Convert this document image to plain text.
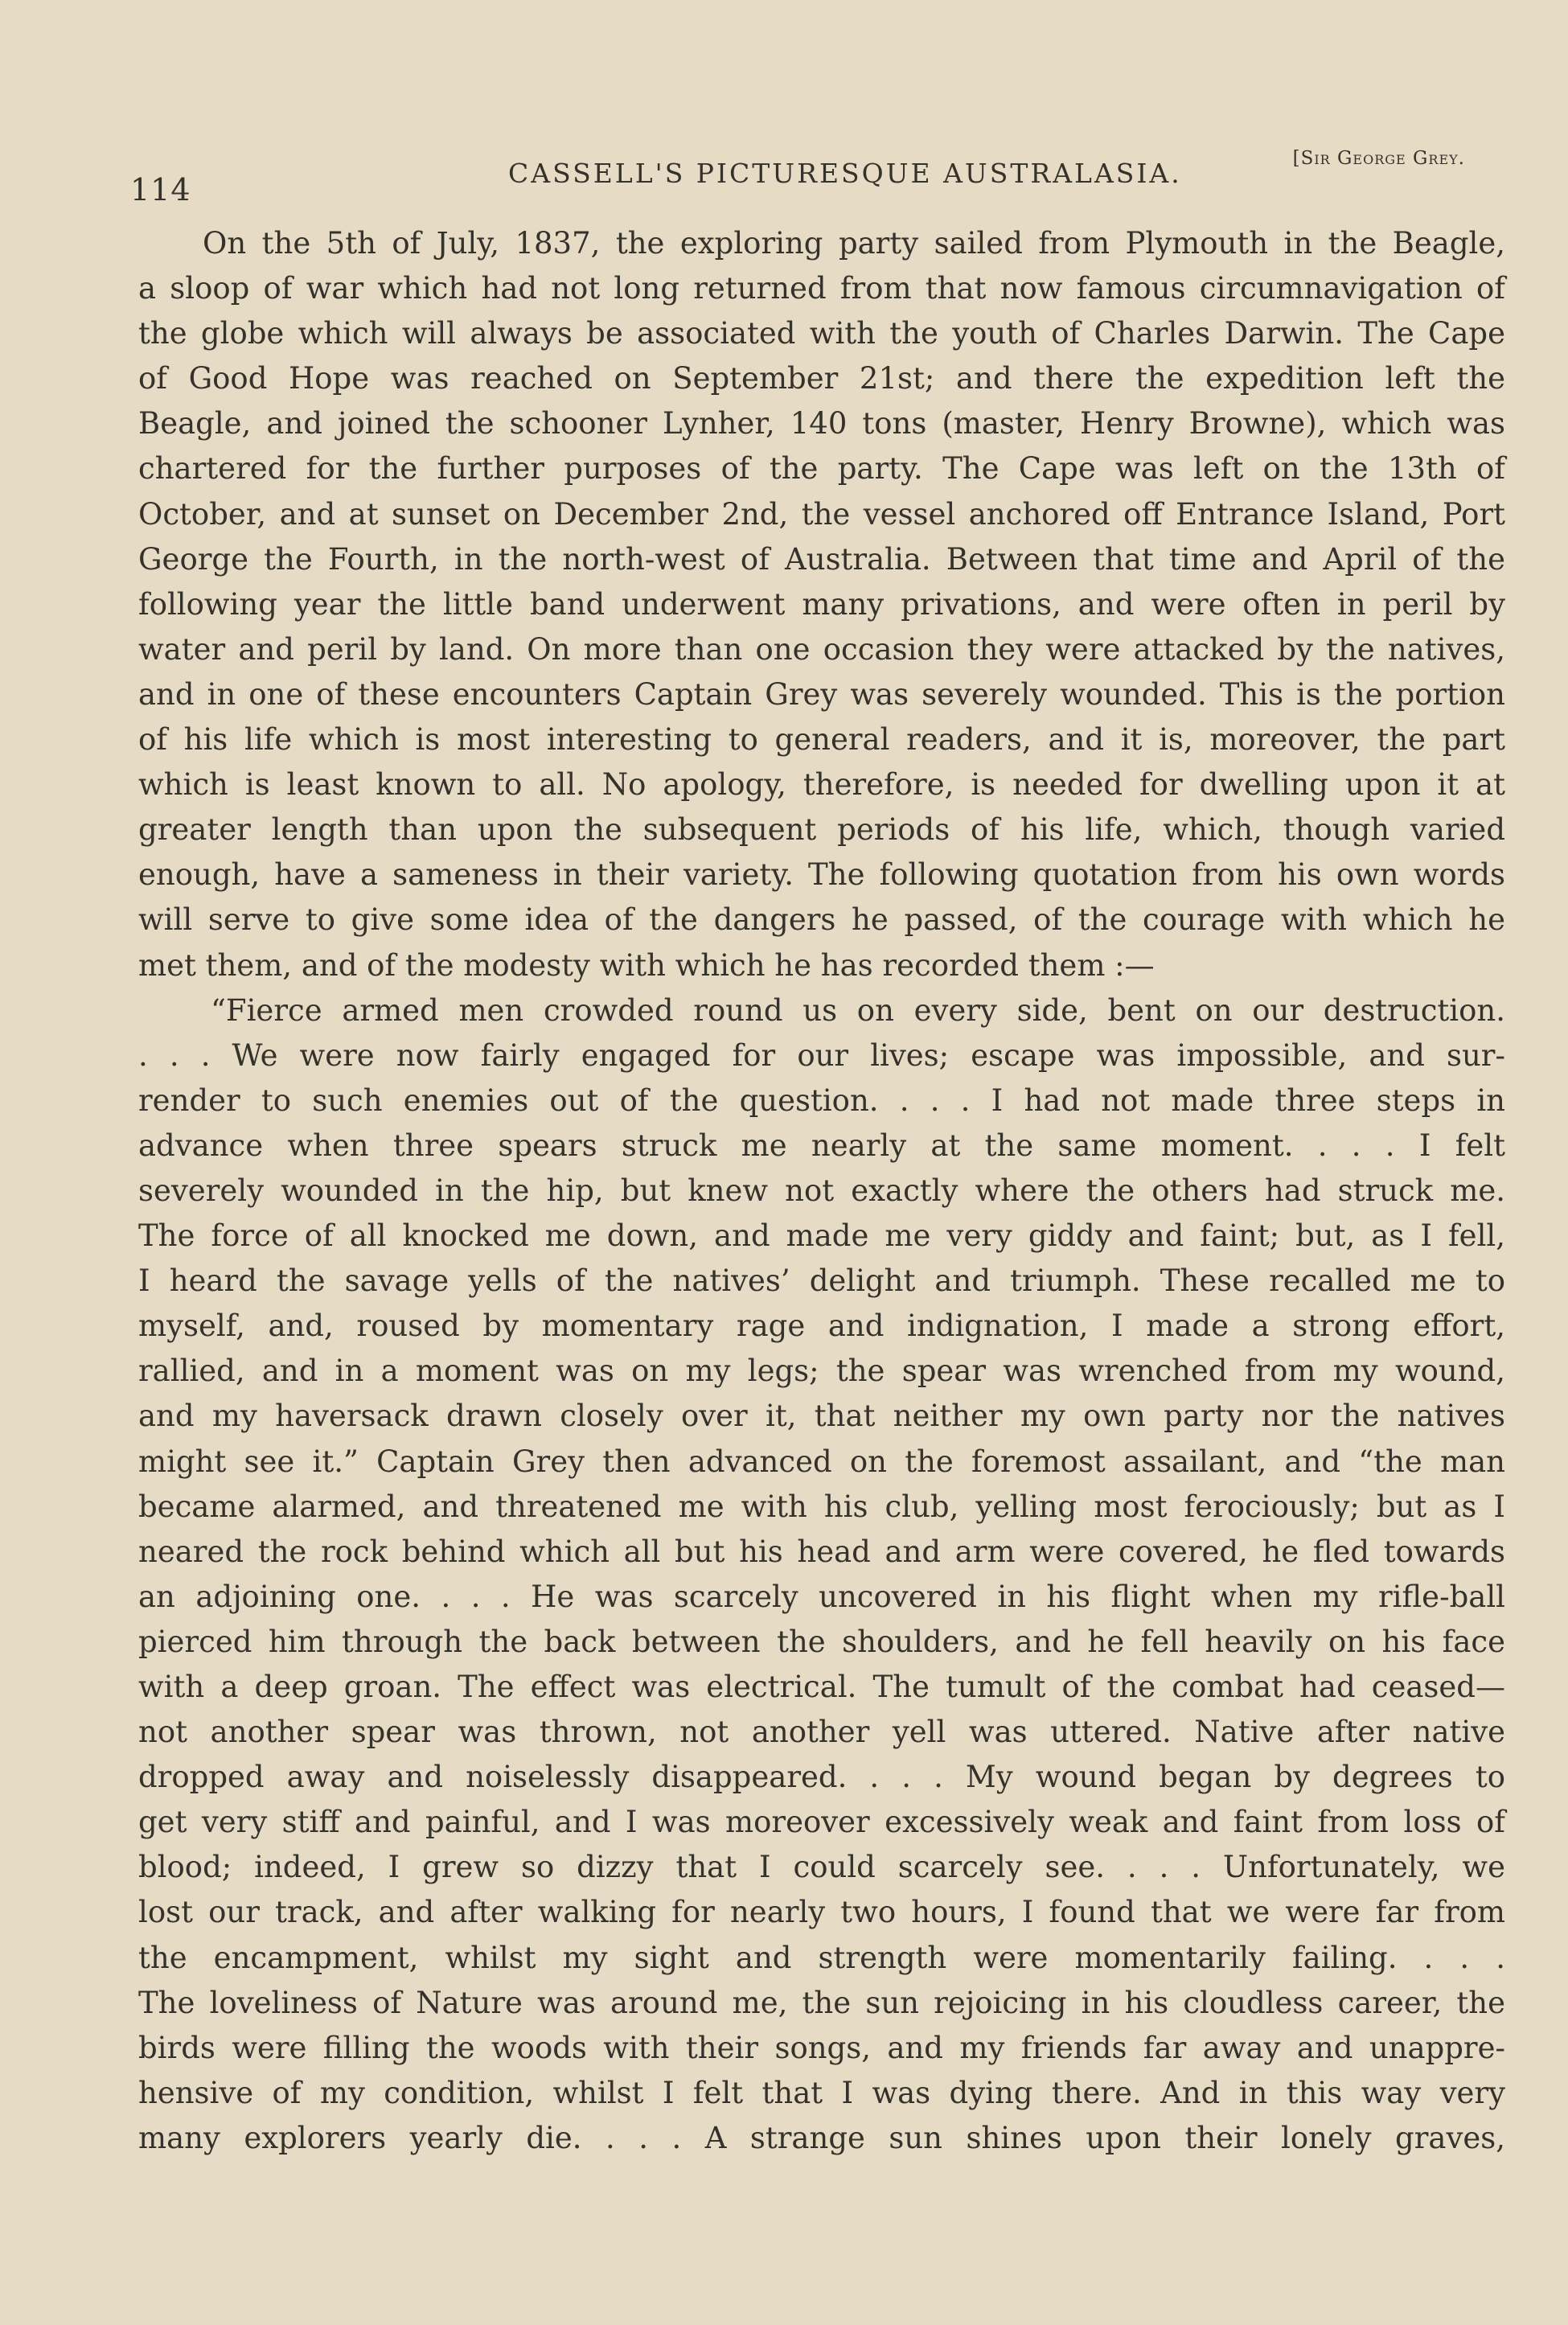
114	CASSELL'S PICTURESQUE AUSTRALASIA.	[Sir George Grey.
On the 5th of July, 1837, the exploring party sailed from Plymouth in the Beagle,
a sloop of war which had not long returned from that now famous circumnavigation of
the globe which will always be associated with the youth of Charles Darwin. The Cape
of Good Hope was reached on September 21st; and there the expedition left the
Beagle, and joined the schooner Lynher, 140 tons (master, Henry Browne), which was
chartered for the further purposes of the party. The Cape was left on the 13th of
October, and at sunset on December 2nd, the vessel anchored off Entrance Island, Port
George the Fourth, in the north-west of Australia. Between that time and April of the
following year the little band underwent many privations, and were often in peril by
water and peril by land. On more than one occasion they were attacked by the natives,
and in one of these encounters Captain Grey was severely wounded. This is the portion
of his life which is most interesting to general readers, and it is, moreover, the part
which is least known to all. No apology, therefore, is needed for dwelling upon it at
greater length than upon the subsequent periods of his life, which, though varied
enough, have a sameness in their variety. The following quotation from his own words
will serve to give some idea of the dangers he passed, of the courage with which he
met them, and of the modesty with which he has recorded them :—
“Fierce armed men crowded round us on every side, bent on our destruction.
. . . We were now fairly engaged for our lives; escape was impossible, and sur-
render to such enemies out of the question. . . . I had not made three steps in
advance when three spears struck me nearly at the same moment. . . . I felt
severely wounded in the hip, but knew not exactly where the others had struck me.
The force of all knocked me down, and made me very giddy and faint; but, as I fell,
I heard the savage yells of the natives’ delight and triumph. These recalled me to
myself, and, roused by momentary rage and indignation, I made a strong effort,
rallied, and in a moment was on my legs; the spear was wrenched from my wound,
and my haversack drawn closely over it, that neither my own party nor the natives
might see it.” Captain Grey then advanced on the foremost assailant, and “the man
became alarmed, and threatened me with his club, yelling most ferociously; but as I
neared the rock behind which all but his head and arm were covered, he fled towards
an adjoining one. . . . He was scarcely uncovered in his flight when my rifle-ball
pierced him through the back between the shoulders, and he fell heavily on his face
with a deep groan. The effect was electrical. The tumult of the combat had ceased—
not another spear was thrown, not another yell was uttered. Native after native
dropped away and noiselessly disappeared. . . . My wound began by degrees to
get very stiff and painful, and I was moreover excessively weak and faint from loss of
blood; indeed, I grew so dizzy that I could scarcely see. . . . Unfortunately, we
lost our track, and after walking for nearly two hours, I found that we were far from
the encampment, whilst my sight and strength were momentarily failing. . . .
The loveliness of Nature was around me, the sun rejoicing in his cloudless career, the
birds were filling the woods with their songs, and my friends far away and unappre-
hensive of my condition, whilst I felt that I was dying there. And in this way very
many explorers yearly die. . . . A strange sun shines upon their lonely graves,
